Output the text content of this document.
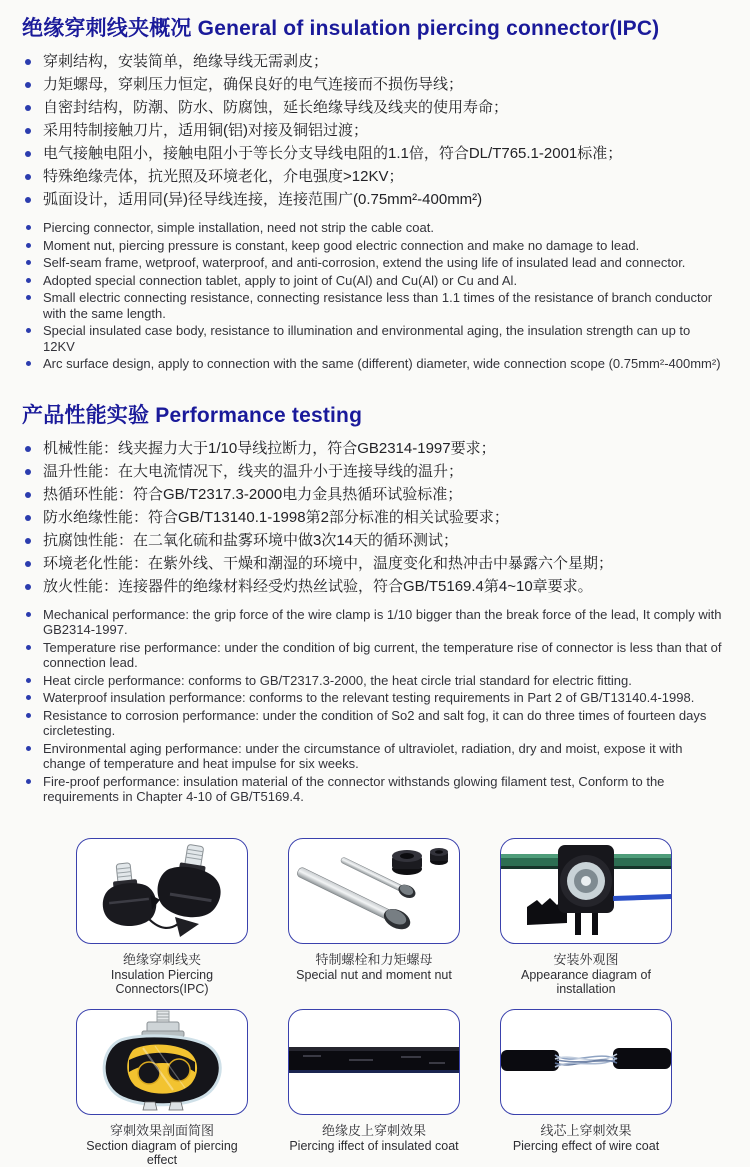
绝缘穿刺线夹概况 General of insulation piercing connector(IPC)
穿刺结构，安装简单，绝缘导线无需剥皮；
力矩螺母，穿刺压力恒定，确保良好的电气连接而不损伤导线；
自密封结构，防潮、防水、防腐蚀，延长绝缘导线及线夹的使用寿命；
采用特制接触刀片，适用铜(铝)对接及铜铝过渡；
电气接触电阻小，接触电阻小于等长分支导线电阻的1.1倍，符合DL/T765.1-2001标准；
特殊绝缘壳体，抗光照及环境老化，介电强度>12KV；
弧面设计，适用同(异)径导线连接，连接范围广(0.75mm²-400mm²)
Piercing connector, simple installation, need not strip the cable coat.
Moment nut, piercing pressure is constant, keep good electric connection and make no damage to lead.
Self-seam frame, wetproof, waterproof, and anti-corrosion, extend the using life of insulated lead and connector.
Adopted special connection tablet, apply to joint of Cu(Al) and Cu(Al) or Cu and Al.
Small electric connecting resistance, connecting resistance less than 1.1 times of the resistance of branch conductor with the same length.
Special insulated case body, resistance to illumination and environmental aging, the insulation strength can up to 12KV
Arc surface design, apply to connection with the same (different) diameter, wide connection scope (0.75mm²-400mm²)
产品性能实验 Performance testing
机械性能：线夹握力大于1/10导线拉断力，符合GB2314-1997要求；
温升性能：在大电流情况下，线夹的温升小于连接导线的温升；
热循环性能：符合GB/T2317.3-2000电力金具热循环试验标准；
防水绝缘性能：符合GB/T13140.1-1998第2部分标准的相关试验要求；
抗腐蚀性能：在二氧化硫和盐雾环境中做3次14天的循环测试；
环境老化性能：在紫外线、干燥和潮湿的环境中，温度变化和热冲击中暴露六个星期；
放火性能：连接器件的绝缘材料经受灼热丝试验，符合GB/T5169.4第4~10章要求。
Mechanical performance: the grip force of the wire clamp is 1/10 bigger than the break force of the lead, It comply with GB2314-1997.
Temperature rise performance: under the condition of big current, the temperature rise of connector is less than that of connection lead.
Heat circle performance: conforms to GB/T2317.3-2000, the heat circle trial standard for electric fitting.
Waterproof insulation performance: conforms to the relevant testing requirements in Part 2 of GB/T13140.4-1998.
Resistance to corrosion performance: under the condition of So2 and salt fog, it can do three times of fourteen days circletesting.
Environmental aging performance: under the circumstance of ultraviolet, radiation, dry and moist, expose it with change of temperature and heat impulse for six weeks.
Fire-proof performance: insulation material of the connector withstands glowing filament test, Conform to the requirements in Chapter 4-10 of GB/T5169.4.
绝缘穿刺线夹
Insulation Piercing Connectors(IPC)
特制螺栓和力矩螺母
Special nut and moment nut
安装外观图
Appearance diagram of installation
穿刺效果剖面简图
Section diagram of piercing effect
绝缘皮上穿刺效果
Piercing iffect of insulated coat
线芯上穿刺效果
Piercing effect of wire coat
